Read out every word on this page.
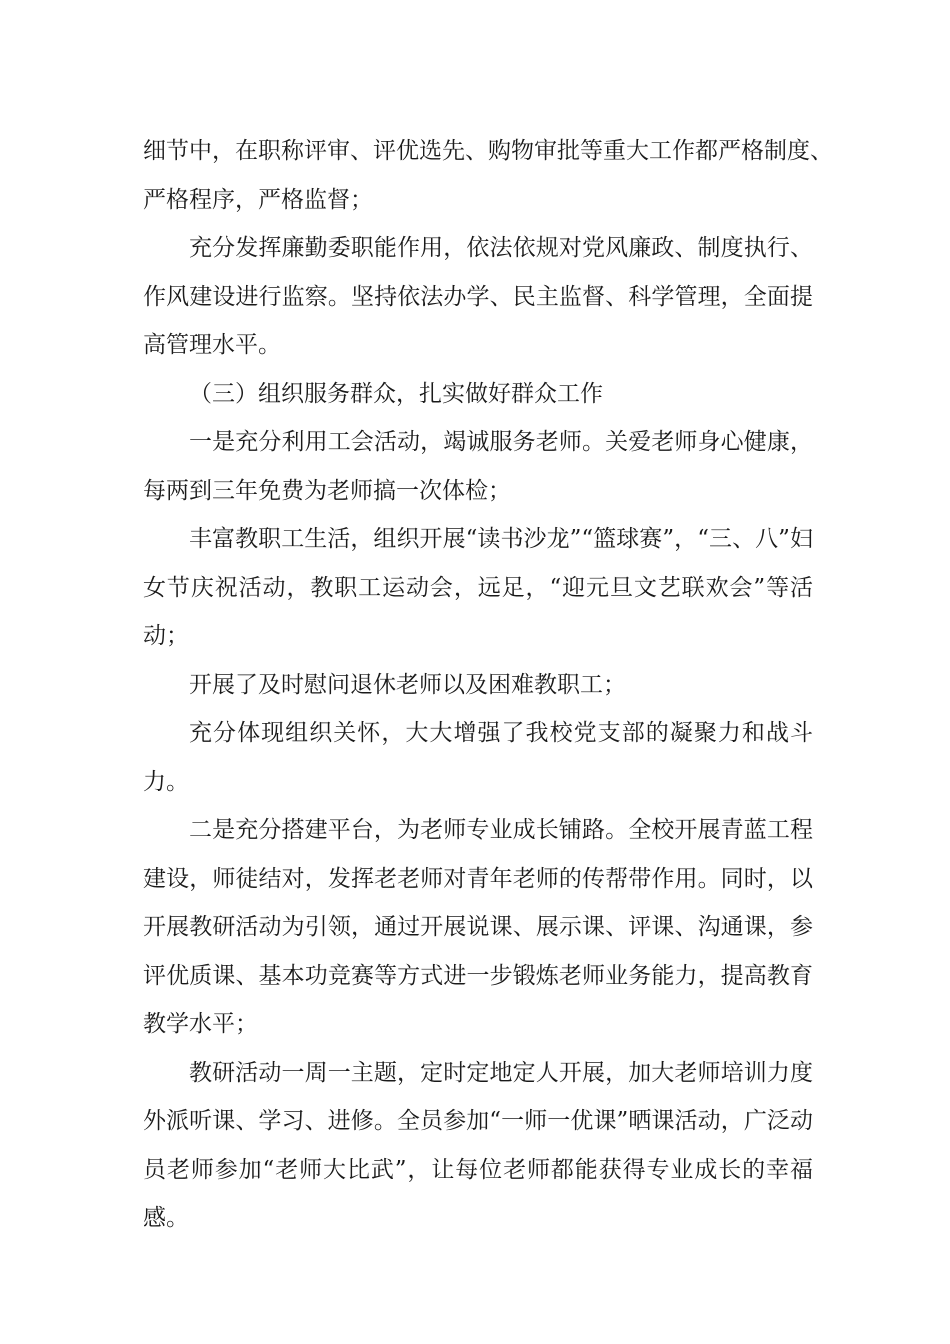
细节中，在职称评审、评优选先、购物审批等重大工作都严格制度、严格程序，严格监督；

充分发挥廉勤委职能作用，依法依规对党风廉政、制度执行、作风建设进行监察。坚持依法办学、民主监督、科学管理，全面提高管理水平。

（三）组织服务群众，扎实做好群众工作

一是充分利用工会活动，竭诚服务老师。关爱老师身心健康，每两到三年免费为老师搞一次体检；

丰富教职工生活，组织开展“读书沙龙”“篮球赛”，“三、八”妇女节庆祝活动，教职工运动会，远足，“迎元旦文艺联欢会”等活动；

开展了及时慰问退休老师以及困难教职工；

充分体现组织关怀，大大增强了我校党支部的凝聚力和战斗力。

二是充分搭建平台，为老师专业成长铺路。全校开展青蓝工程建设，师徒结对，发挥老老师对青年老师的传帮带作用。同时，以开展教研活动为引领，通过开展说课、展示课、评课、沟通课，参评优质课、基本功竞赛等方式进一步锻炼老师业务能力，提高教育教学水平；

教研活动一周一主题，定时定地定人开展，加大老师培训力度外派听课、学习、进修。全员参加“一师一优课”晒课活动，广泛动员老师参加“老师大比武”，让每位老师都能获得专业成长的幸福感。
